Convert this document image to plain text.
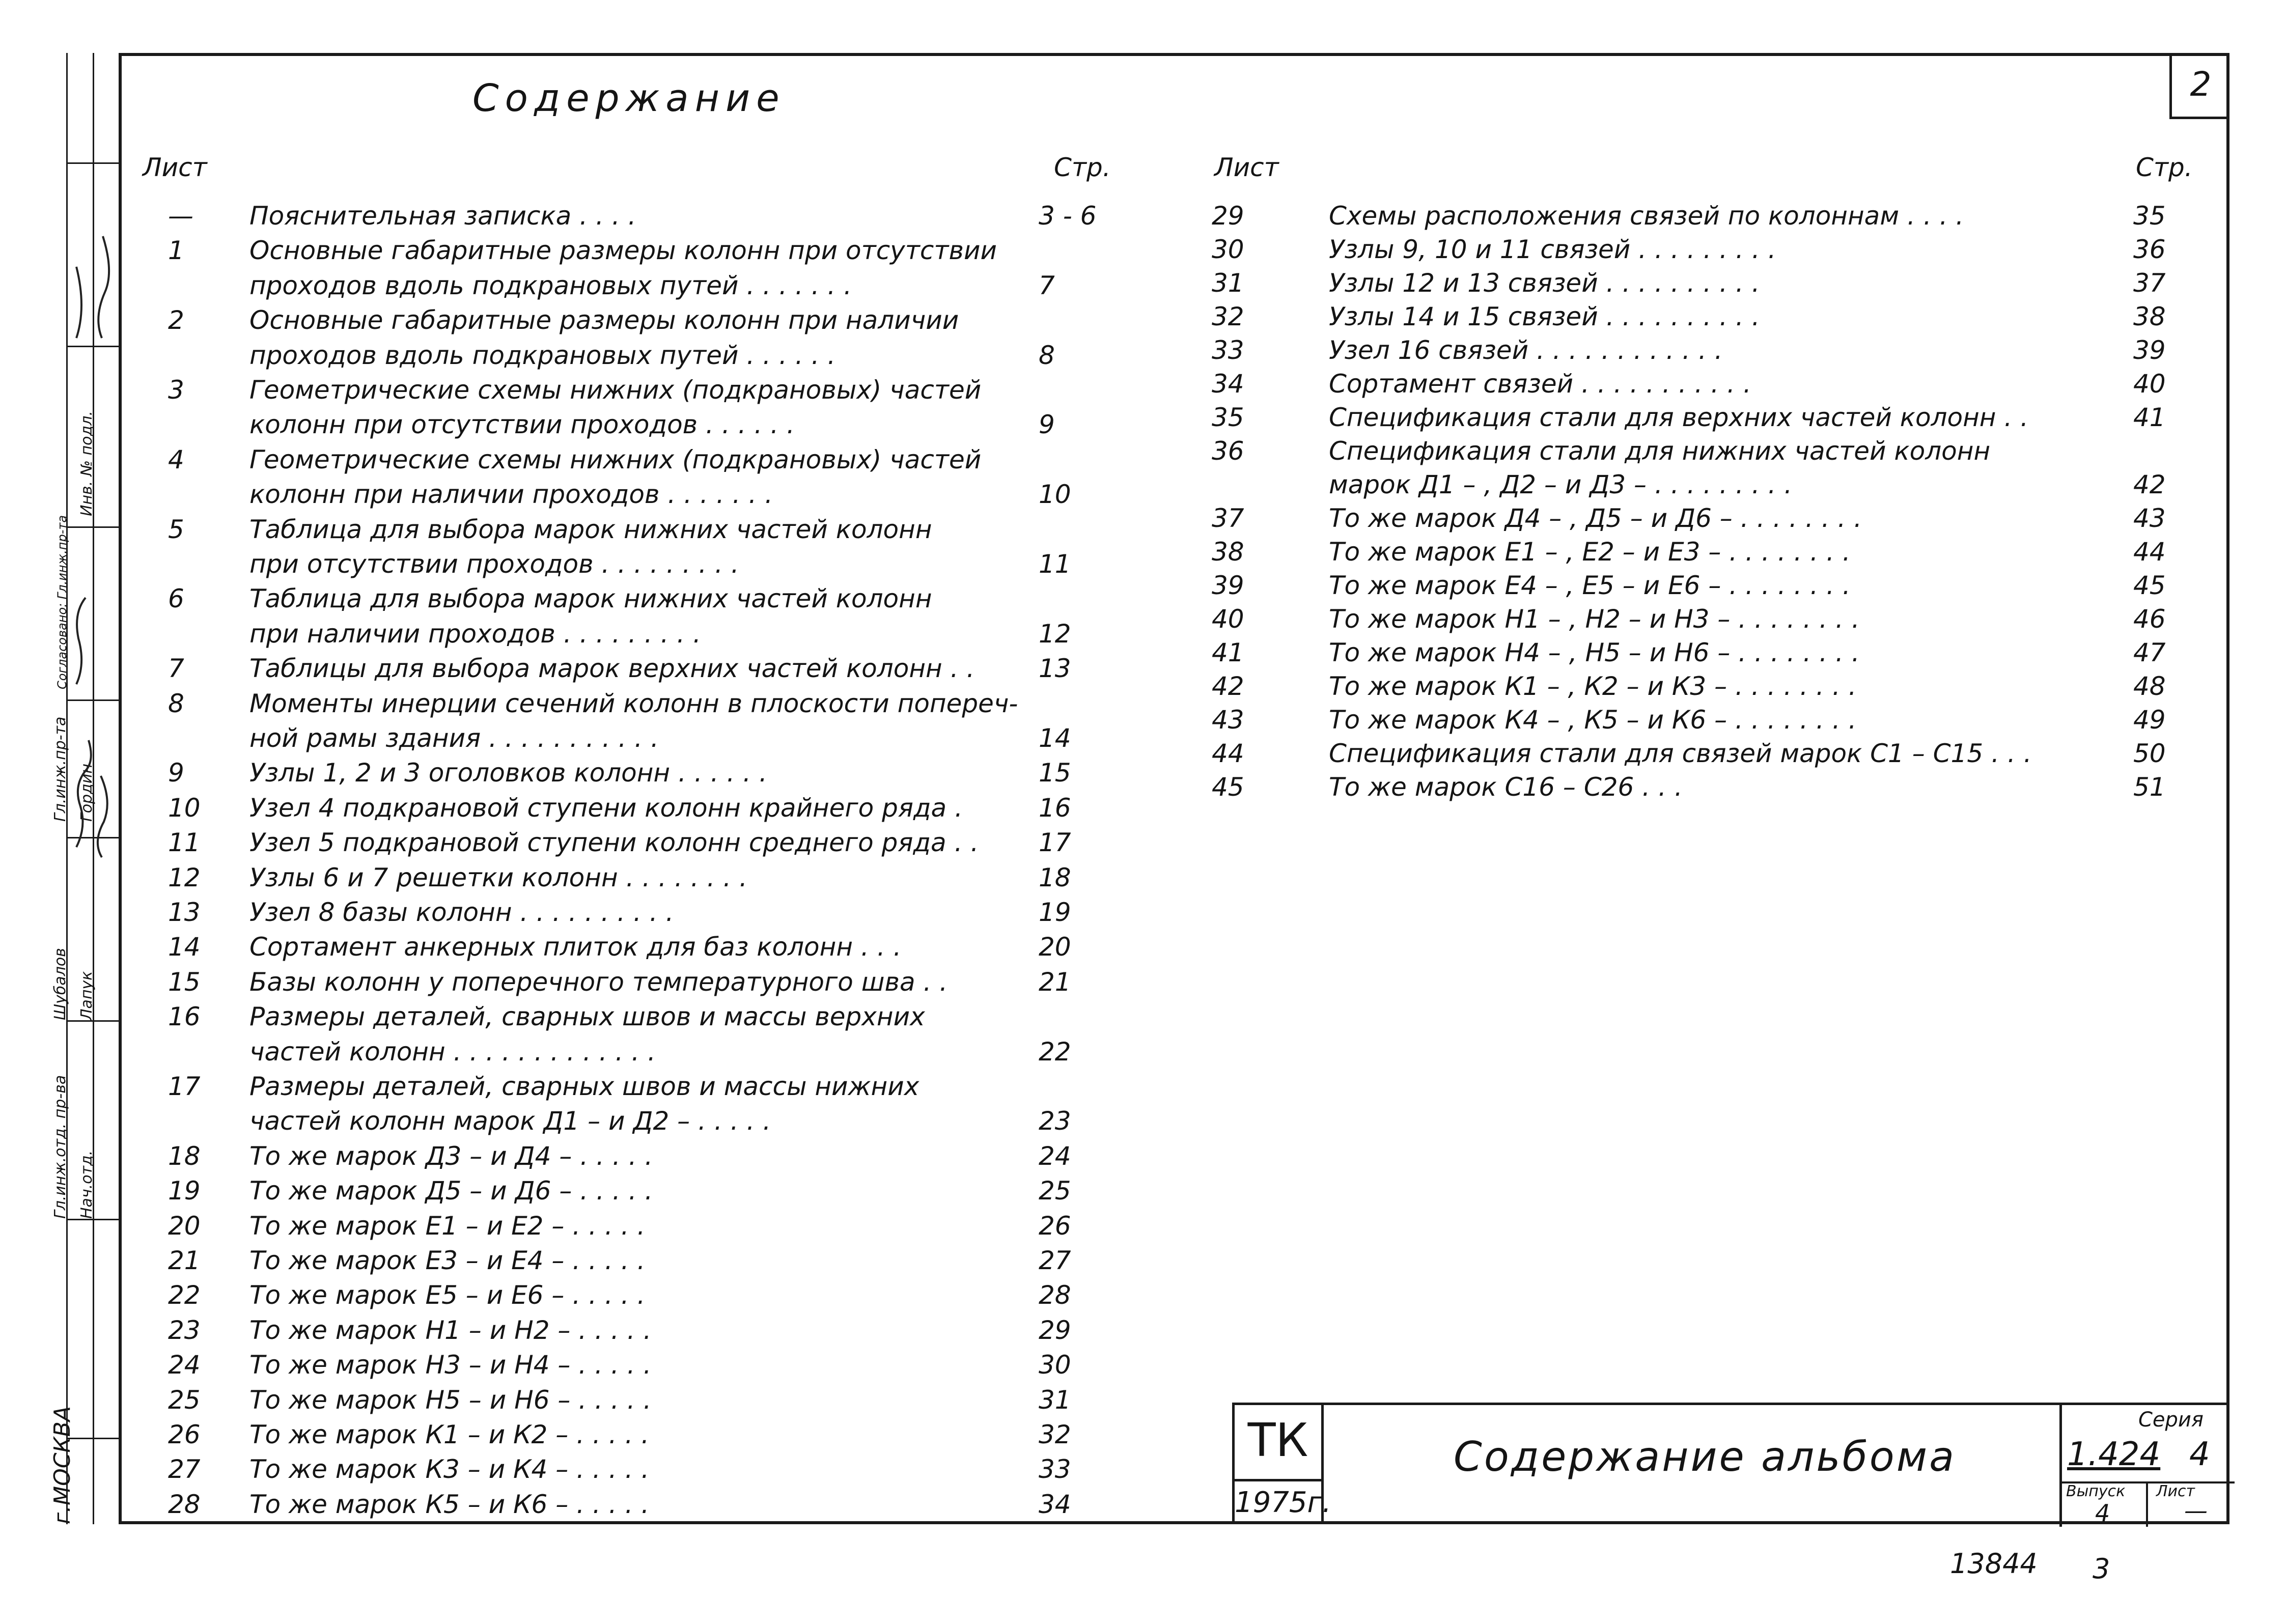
г.МОСКВА
Гл.инж.отд. пр-ва Нач.отд.
Шубалов Лапук
Гл.инж.пр-та Гордин
Согласовано: Гл.инж.пр-та
Инв. № подл.
Содержание	2
Лист	Стр.	Лист	Стр.
— Пояснительная записка . . . .	3 - 6
1	Основные габаритные размеры колонн при отсутствии
проходов вдоль подкрановых путей . . . . . . .	7
2	Основные габаритные размеры колонн при наличии
проходов вдоль подкрановых путей . . . . . .	8
3	Геометрические схемы нижних (подкрановых) частей
колонн при отсутствии проходов . . . . . .	9
4	Геометрические схемы нижних (подкрановых) частей
колонн при наличии проходов . . . . . . .	10
5	Таблица для выбора марок нижних частей колонн
при отсутствии проходов . . . . . . . . .	11
6	Таблица для выбора марок нижних частей колонн
при наличии проходов . . . . . . . . .	12
7	Таблицы для выбора марок верхних частей колонн . .	13
8	Моменты инерции сечений колонн в плоскости попереч-
ной рамы здания . . . . . . . . . . .	14
9	Узлы 1, 2 и 3 оголовков колонн . . . . . .	15
10 Узел 4 подкрановой ступени колонн крайнего ряда .	16
11 Узел 5 подкрановой ступени колонн среднего ряда . .	17
12 Узлы 6 и 7 решетки колонн . . . . . . . .	18
13 Узел 8 базы колонн . . . . . . . . . .	19
14 Сортамент анкерных плиток для баз колонн . . .	20
15 Базы колонн у поперечного температурного шва . .	21
16 Размеры деталей, сварных швов и массы верхних
частей колонн . . . . . . . . . . . . .	22
17 Размеры деталей, сварных швов и массы нижних
частей колонн марок Д1 – и Д2 – . . . . .	23
18 То же марок Д3 – и Д4 – . . . . .	24
19 То же марок Д5 – и Д6 – . . . . .	25
20 То же марок Е1 – и Е2 – . . . . .	26
21 То же марок Е3 – и Е4 – . . . . .	27
22 То же марок Е5 – и Е6 – . . . . .	28
23 То же марок Н1 – и Н2 – . . . . .	29
24 То же марок Н3 – и Н4 – . . . . .	30
25 То же марок Н5 – и Н6 – . . . . .	31
26 То же марок К1 – и К2 – . . . . .	32
27 То же марок К3 – и К4 – . . . . .	33
28 То же марок К5 – и К6 – . . . . .	34
29	Схемы расположения связей по колоннам . . . .	35
30	Узлы 9, 10 и 11 связей . . . . . . . . .	36
31	Узлы 12 и 13 связей . . . . . . . . . .	37
32	Узлы 14 и 15 связей . . . . . . . . . .	38
33	Узел 16 связей . . . . . . . . . . . .	39
34	Сортамент связей . . . . . . . . . . .	40
35	Спецификация стали для верхних частей колонн . .	41
36	Спецификация стали для нижних частей колонн
марок Д1 – , Д2 – и Д3 – . . . . . . . . .	42
37	То же марок Д4 – , Д5 – и Д6 – . . . . . . . .	43
38	То же марок Е1 – , Е2 – и Е3 – . . . . . . . .	44
39	То же марок Е4 – , Е5 – и Е6 – . . . . . . . .	45
40	То же марок Н1 – , Н2 – и Н3 – . . . . . . . .	46
41	То же марок Н4 – , Н5 – и Н6 – . . . . . . . .	47
42	То же марок К1 – , К2 – и К3 – . . . . . . . .	48
43	То же марок К4 – , К5 – и К6 – . . . . . . . .	49
44	Спецификация стали для связей марок С1 – С15 . . .	50
45	То же марок С16 – С26 . . .	51
ТК
1975г.
Содержание альбома
Серия
1.424 4
Выпуск Лист
4	—
13844 3
